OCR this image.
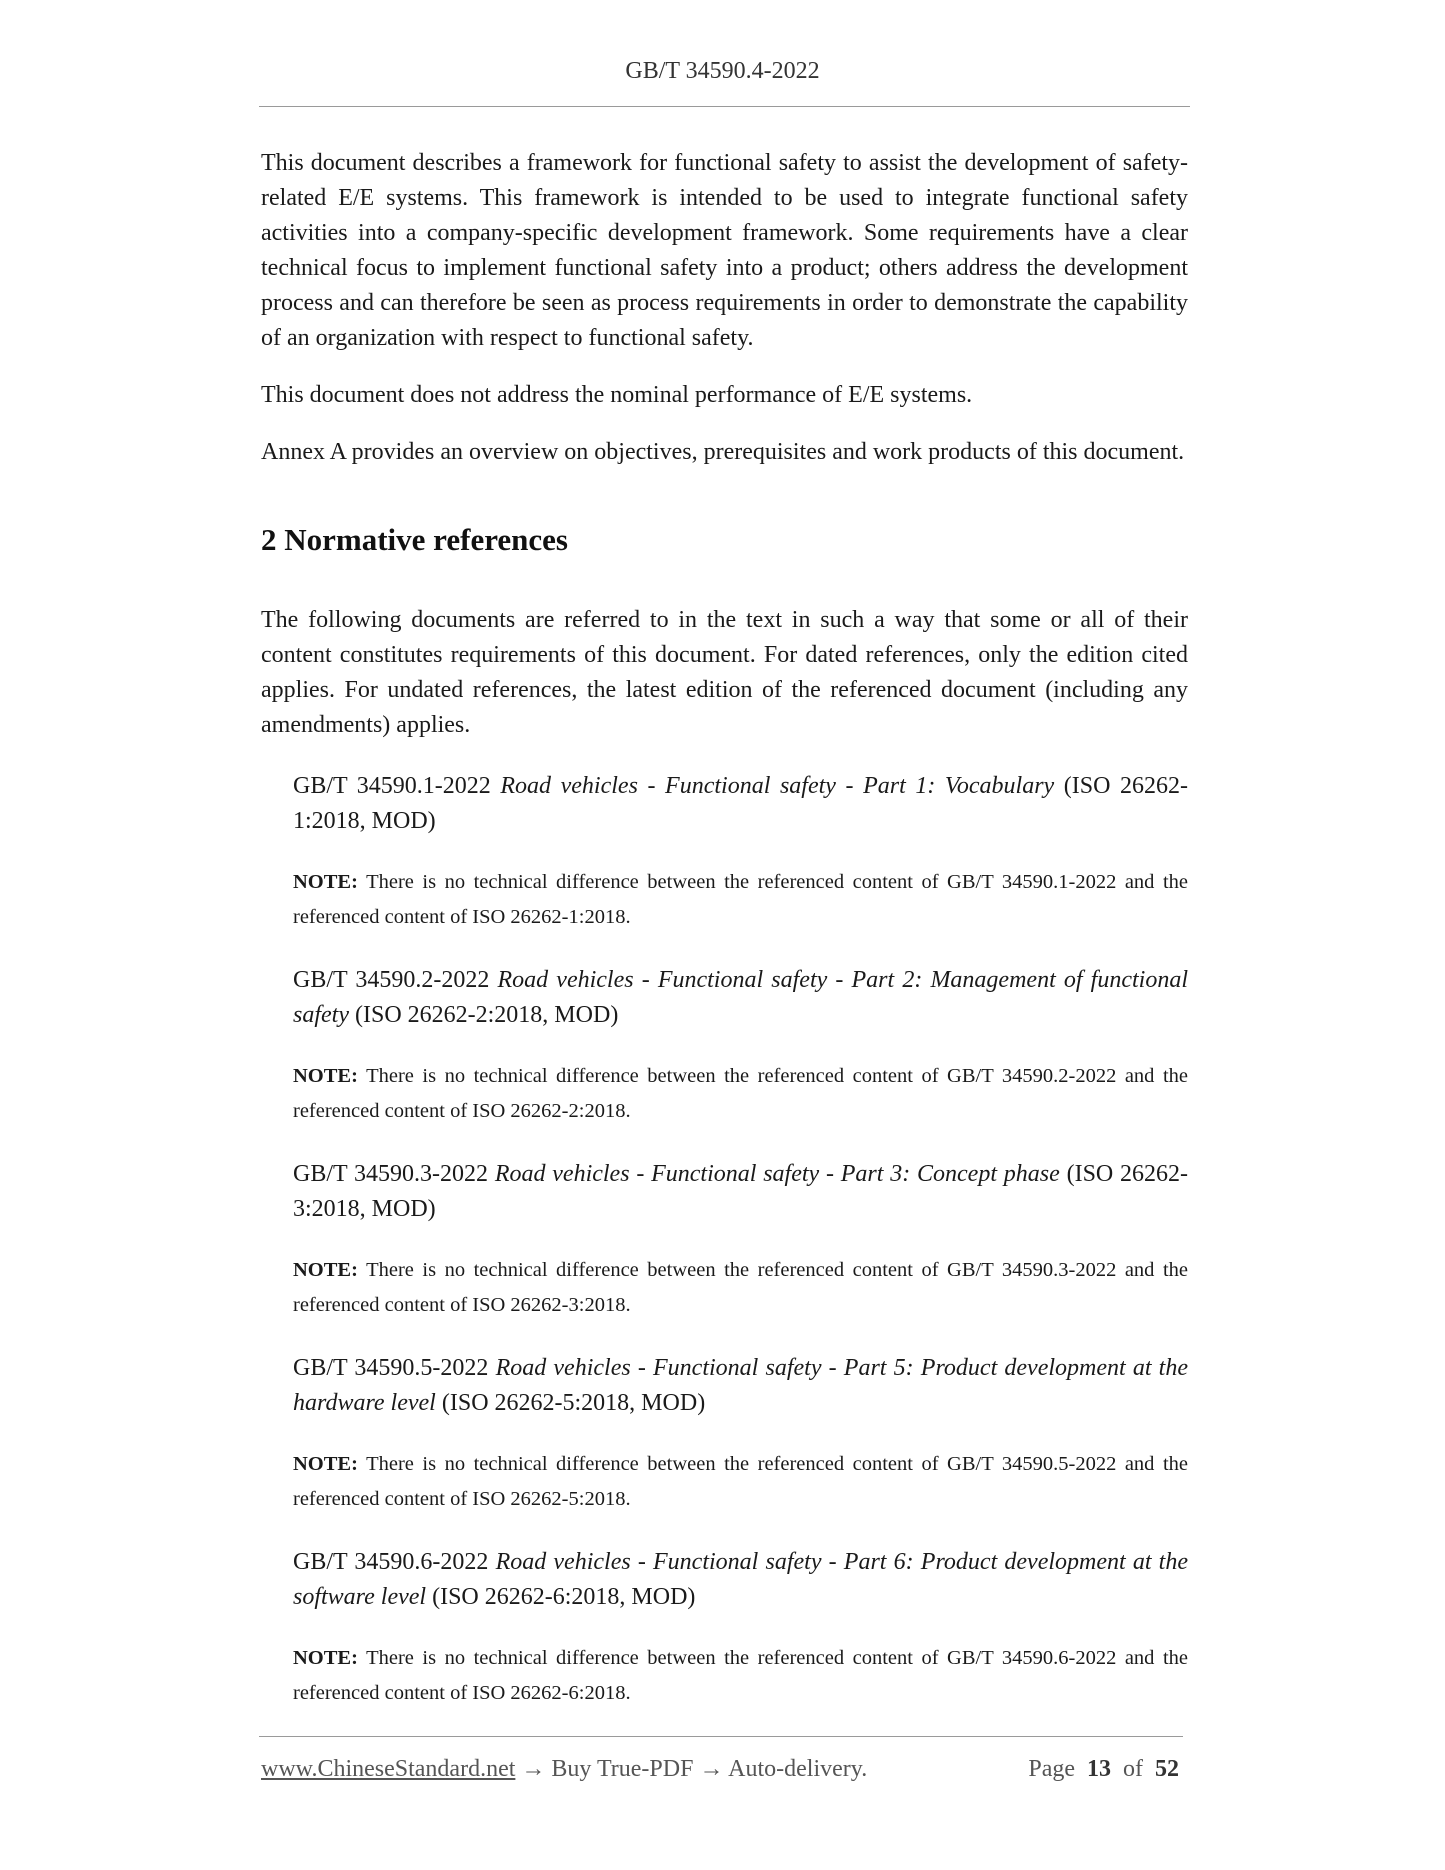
GB/T 34590.4-2022

This document describes a framework for functional safety to assist the development of safety-related E/E systems. This framework is intended to be used to integrate functional safety activities into a company-specific development framework. Some requirements have a clear technical focus to implement functional safety into a product; others address the development process and can therefore be seen as process requirements in order to demonstrate the capability of an organization with respect to functional safety.

This document does not address the nominal performance of E/E systems.

Annex A provides an overview on objectives, prerequisites and work products of this document.

2 Normative references

The following documents are referred to in the text in such a way that some or all of their content constitutes requirements of this document. For dated references, only the edition cited applies. For undated references, the latest edition of the referenced document (including any amendments) applies.

GB/T 34590.1-2022 Road vehicles - Functional safety - Part 1: Vocabulary (ISO 26262-1:2018, MOD)

NOTE: There is no technical difference between the referenced content of GB/T 34590.1-2022 and the referenced content of ISO 26262-1:2018.

GB/T 34590.2-2022 Road vehicles - Functional safety - Part 2: Management of functional safety (ISO 26262-2:2018, MOD)

NOTE: There is no technical difference between the referenced content of GB/T 34590.2-2022 and the referenced content of ISO 26262-2:2018.

GB/T 34590.3-2022 Road vehicles - Functional safety - Part 3: Concept phase (ISO 26262-3:2018, MOD)

NOTE: There is no technical difference between the referenced content of GB/T 34590.3-2022 and the referenced content of ISO 26262-3:2018.

GB/T 34590.5-2022 Road vehicles - Functional safety - Part 5: Product development at the hardware level (ISO 26262-5:2018, MOD)

NOTE: There is no technical difference between the referenced content of GB/T 34590.5-2022 and the referenced content of ISO 26262-5:2018.

GB/T 34590.6-2022 Road vehicles - Functional safety - Part 6: Product development at the software level (ISO 26262-6:2018, MOD)

NOTE: There is no technical difference between the referenced content of GB/T 34590.6-2022 and the referenced content of ISO 26262-6:2018.

www.ChineseStandard.net → Buy True-PDF → Auto-delivery.	Page 13 of 52
